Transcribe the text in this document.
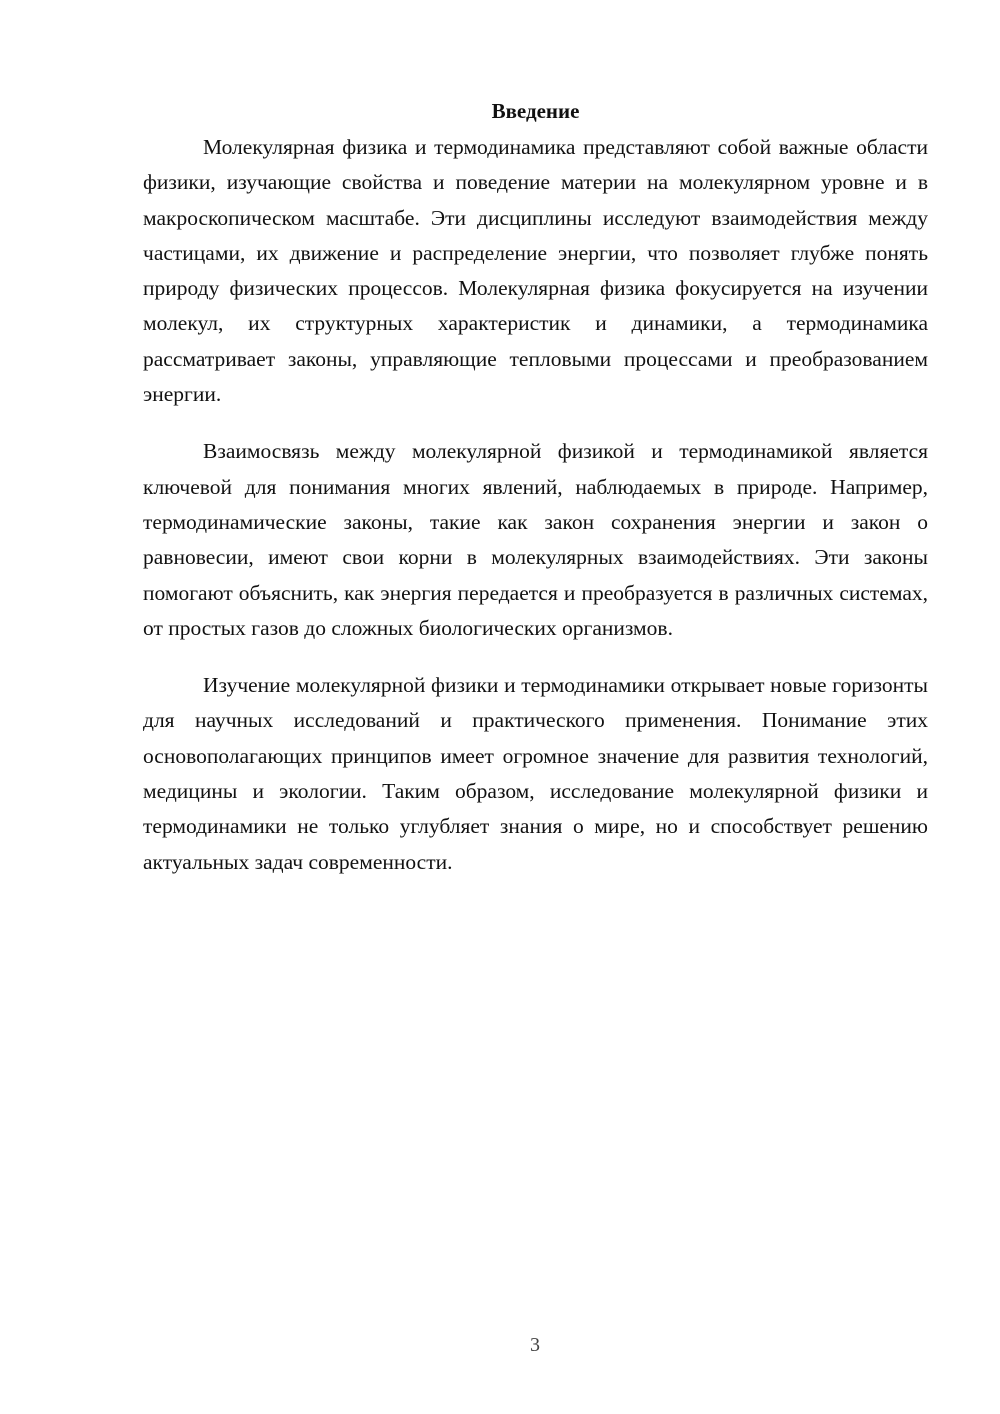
Введение

Молекулярная физика и термодинамика представляют собой важные области физики, изучающие свойства и поведение материи на молекулярном уровне и в макроскопическом масштабе. Эти дисциплины исследуют взаимодействия между частицами, их движение и распределение энергии, что позволяет глубже понять природу физических процессов. Молекулярная физика фокусируется на изучении молекул, их структурных характеристик и динамики, а термодинамика рассматривает законы, управляющие тепловыми процессами и преобразованием энергии.

Взаимосвязь между молекулярной физикой и термодинамикой является ключевой для понимания многих явлений, наблюдаемых в природе. Например, термодинамические законы, такие как закон сохранения энергии и закон о равновесии, имеют свои корни в молекулярных взаимодействиях. Эти законы помогают объяснить, как энергия передается и преобразуется в различных системах, от простых газов до сложных биологических организмов.

Изучение молекулярной физики и термодинамики открывает новые горизонты для научных исследований и практического применения. Понимание этих основополагающих принципов имеет огромное значение для развития технологий, медицины и экологии. Таким образом, исследование молекулярной физики и термодинамики не только углубляет знания о мире, но и способствует решению актуальных задач современности.

3
